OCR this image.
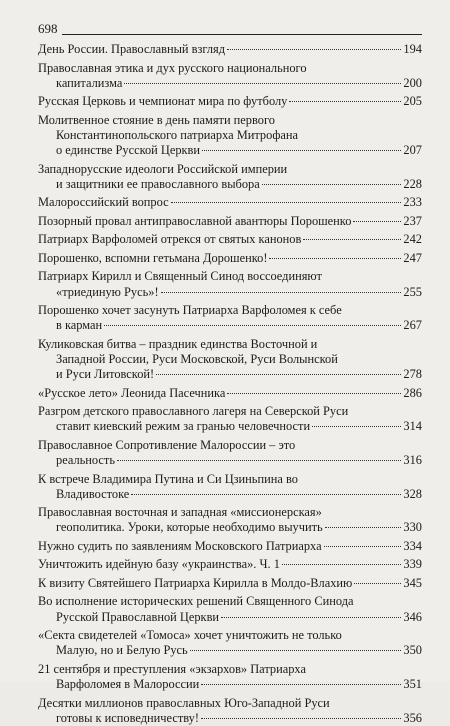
698
День России. Православный взгляд	194
Православная этика и дух русского национального
капитализма	200
Русская Церковь и чемпионат мира по футболу	205
Молитвенное стояние в день памяти первого
Константинопольского патриарха Митрофана
о единстве Русской Церкви	207
Западнорусские идеологи Российской империи
и защитники ее православного выбора	228
Малороссийский вопрос	233
Позорный провал антиправославной авантюры Порошенко	237
Патриарх Варфоломей отрекся от святых канонов	242
Порошенко, вспомни гетьмана Дорошенко!	247
Патриарх Кирилл и Священный Синод воссоединяют
«триединую Русь»!	255
Порошенко хочет засунуть Патриарха Варфоломея к себе
в карман	267
Куликовская битва – праздник единства Восточной и
Западной России, Руси Московской, Руси Волынской
и Руси Литовской!	278
«Русское лето» Леонида Пасечника	286
Разгром детского православного лагеря на Северской Руси
ставит киевский режим за гранью человечности	314
Православное Сопротивление Малороссии – это
реальность	316
К встрече Владимира Путина и Си Цзиньпина во
Владивостоке	328
Православная восточная и западная «миссионерская»
геополитика. Уроки, которые необходимо выучить	330
Нужно судить по заявлениям Московского Патриарха	334
Уничтожить идейную базу «украинства». Ч. 1	339
К визиту Святейшего Патриарха Кирилла в Молдо-Влахию	345
Во исполнение исторических решений Священного Синода
Русской Православной Церкви	346
«Секта свидетелей «Томоса» хочет уничтожить не только
Малую, но и Белую Русь	350
21 сентября и преступления «экзархов» Патриарха
Варфоломея в Малороссии	351
Десятки миллионов православных Юго-Западной Руси
готовы к исповедничеству!	356
